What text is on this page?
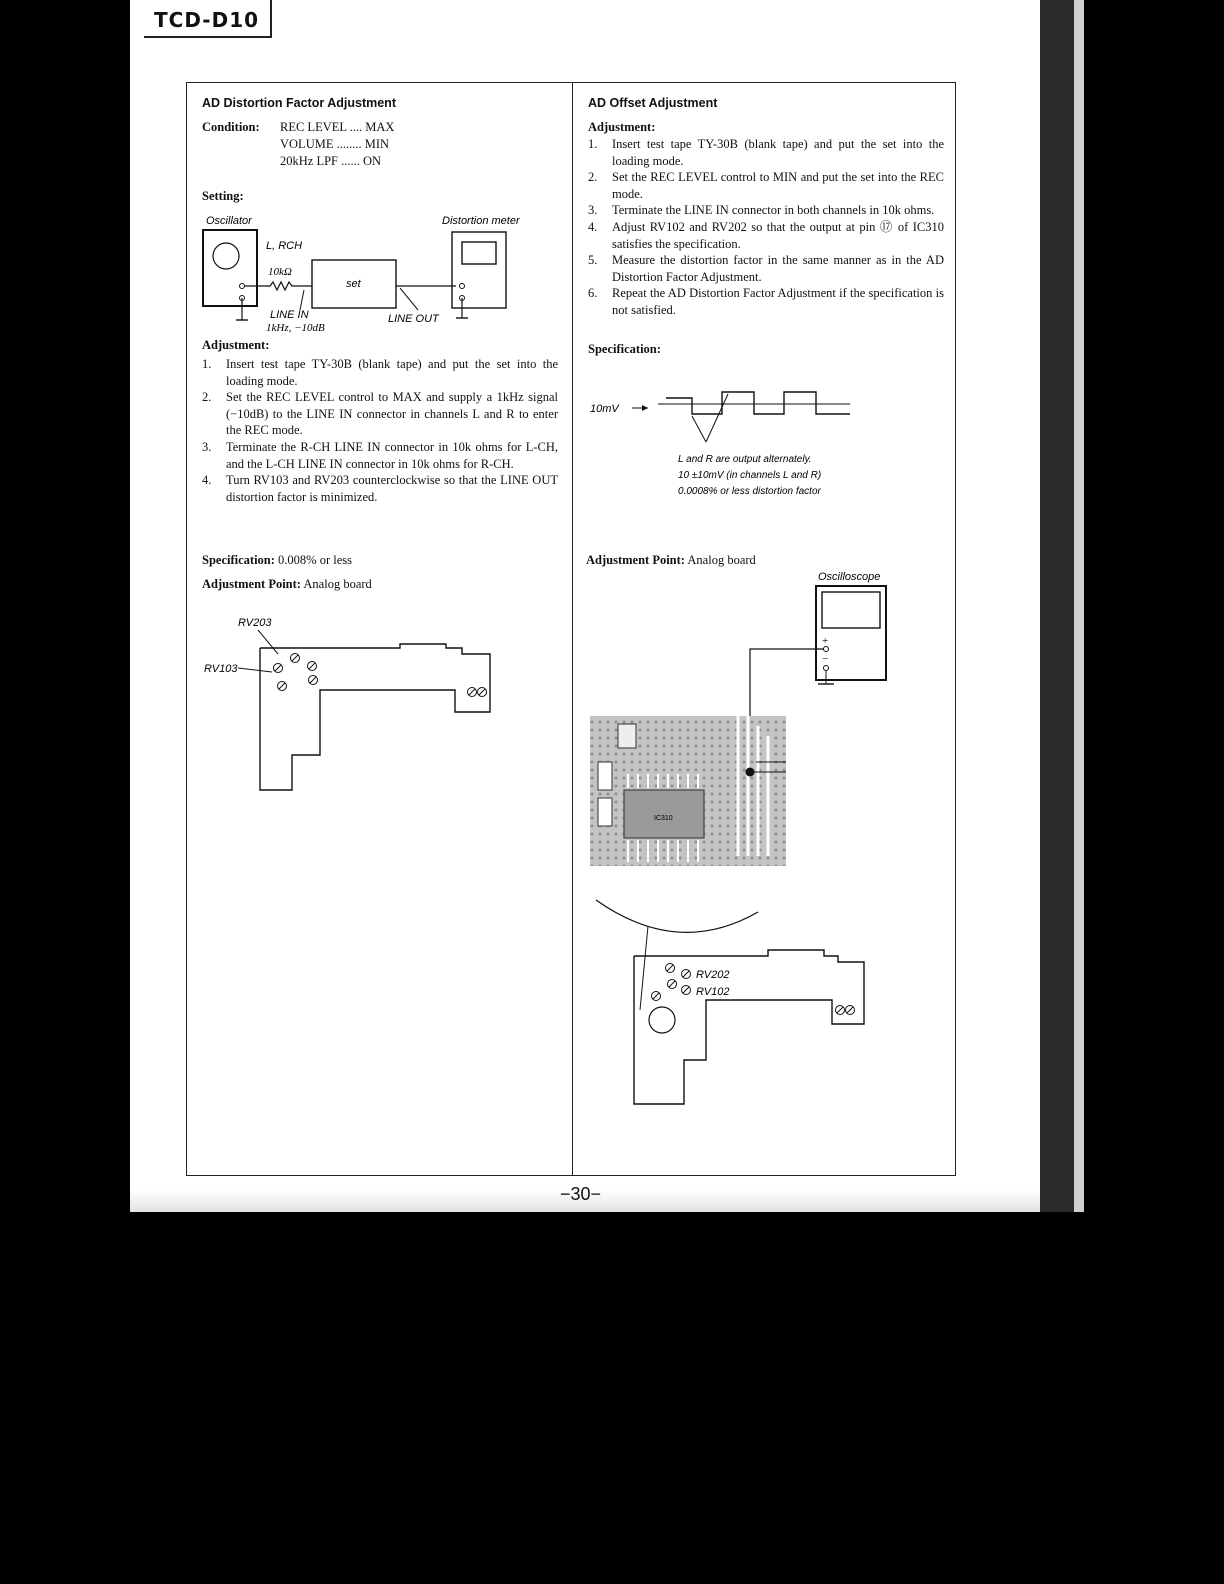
TCD-D10

AD Distortion Factor Adjustment

Condition:	REC LEVEL .... MAX
VOLUME ........ MIN
20kHz LPF ...... ON
Setting:
Oscillator	Distortion meter
L, RCH
10kΩ
set
LINE IN
1kHz, −10dB
LINE OUT
Adjustment:
1. Insert test tape TY-30B (blank tape) and put the set into the loading mode.
2. Set the REC LEVEL control to MAX and supply a 1kHz signal (−10dB) to the LINE IN connector in channels L and R to enter the REC mode.
3. Terminate the R-CH LINE IN connector in 10k ohms for L-CH, and the L-CH LINE IN connector in 10k ohms for R-CH.
4. Turn RV103 and RV203 counterclockwise so that the LINE OUT distortion factor is minimized.
Specification: 0.008% or less
Adjustment Point: Analog board
RV203
RV103

AD Offset Adjustment

Adjustment:
1. Insert test tape TY-30B (blank tape) and put the set into the loading mode.
2. Set the REC LEVEL control to MIN and put the set into the REC mode.
3. Terminate the LINE IN connector in both channels in 10k ohms.
4. Adjust RV102 and RV202 so that the output at pin ⑰ of IC310 satisfies the specification.
5. Measure the distortion factor in the same manner as in the AD Distortion Factor Adjustment.
6. Repeat the AD Distortion Factor Adjustment if the specification is not satisfied.
Specification:
10mV
L and R are output alternately.
10 ±10mV (in channels L and R)
0.0008% or less distortion factor
Adjustment Point: Analog board
Oscilloscope
+
−
IC310
RV202
RV102
−30−
